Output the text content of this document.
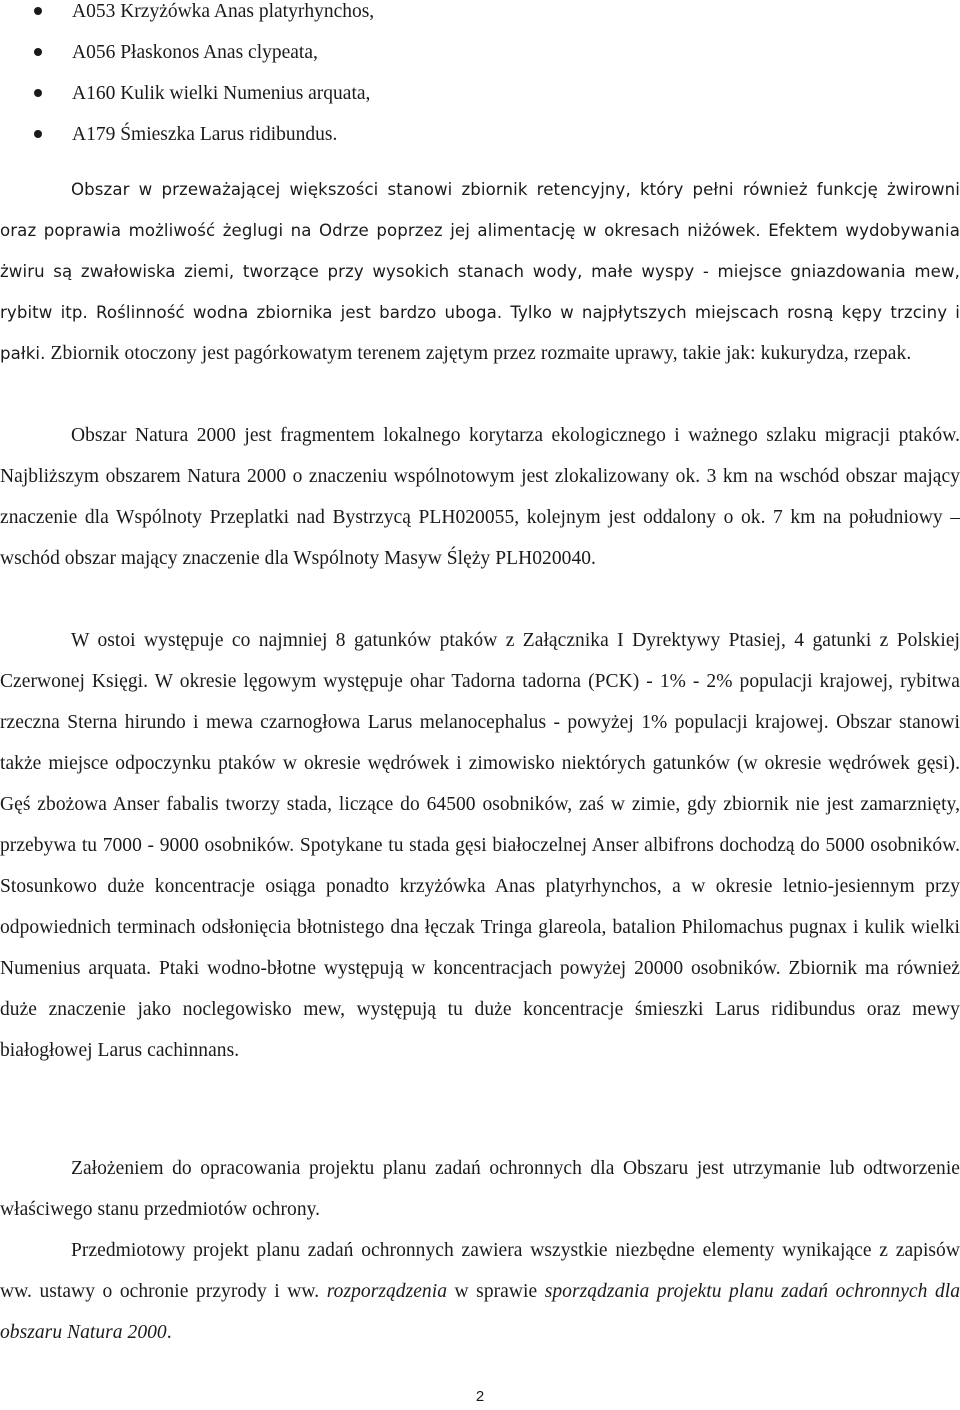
A053 Krzyżówka Anas platyrhynchos,
A056 Płaskonos Anas clypeata,
A160 Kulik wielki Numenius arquata,
A179 Śmieszka Larus ridibundus.

Obszar w przeważającej większości stanowi zbiornik retencyjny, który pełni również funkcję żwirowni oraz poprawia możliwość żeglugi na Odrze poprzez jej alimentację w okresach niżówek. Efektem wydobywania żwiru są zwałowiska ziemi, tworzące przy wysokich stanach wody, małe wyspy - miejsce gniazdowania mew, rybitw itp. Roślinność wodna zbiornika jest bardzo uboga. Tylko w najpłytszych miejscach rosną kępy trzciny i pałki. Zbiornik otoczony jest pagórkowatym terenem zajętym przez rozmaite uprawy, takie jak: kukurydza, rzepak.

Obszar Natura 2000 jest fragmentem lokalnego korytarza ekologicznego i ważnego szlaku migracji ptaków. Najbliższym obszarem Natura 2000 o znaczeniu wspólnotowym jest zlokalizowany ok. 3 km na wschód obszar mający znaczenie dla Wspólnoty Przeplatki nad Bystrzycą PLH020055, kolejnym jest oddalony o ok. 7 km na południowy – wschód obszar mający znaczenie dla Wspólnoty Masyw Ślęży PLH020040.

W ostoi występuje co najmniej 8 gatunków ptaków z Załącznika I Dyrektywy Ptasiej, 4 gatunki z Polskiej Czerwonej Księgi. W okresie lęgowym występuje ohar Tadorna tadorna (PCK) - 1% - 2% populacji krajowej, rybitwa rzeczna Sterna hirundo i mewa czarnogłowa Larus melanocephalus - powyżej 1% populacji krajowej. Obszar stanowi także miejsce odpoczynku ptaków w okresie wędrówek i zimowisko niektórych gatunków (w okresie wędrówek gęsi). Gęś zbożowa Anser fabalis tworzy stada, liczące do 64500 osobników, zaś w zimie, gdy zbiornik nie jest zamarznięty, przebywa tu 7000 - 9000 osobników. Spotykane tu stada gęsi białoczelnej Anser albifrons dochodzą do 5000 osobników. Stosunkowo duże koncentracje osiąga ponadto krzyżówka Anas platyrhynchos, a w okresie letnio-jesiennym przy odpowiednich terminach odsłonięcia błotnistego dna łęczak Tringa glareola, batalion Philomachus pugnax i kulik wielki Numenius arquata. Ptaki wodno-błotne występują w koncentracjach powyżej 20000 osobników. Zbiornik ma również duże znaczenie jako noclegowisko mew, występują tu duże koncentracje śmieszki Larus ridibundus oraz mewy białogłowej Larus cachinnans.

Założeniem do opracowania projektu planu zadań ochronnych dla Obszaru jest utrzymanie lub odtworzenie właściwego stanu przedmiotów ochrony.

Przedmiotowy projekt planu zadań ochronnych zawiera wszystkie niezbędne elementy wynikające z zapisów ww. ustawy o ochronie przyrody i ww. rozporządzenia w sprawie sporządzania projektu planu zadań ochronnych dla obszaru Natura 2000.

2
